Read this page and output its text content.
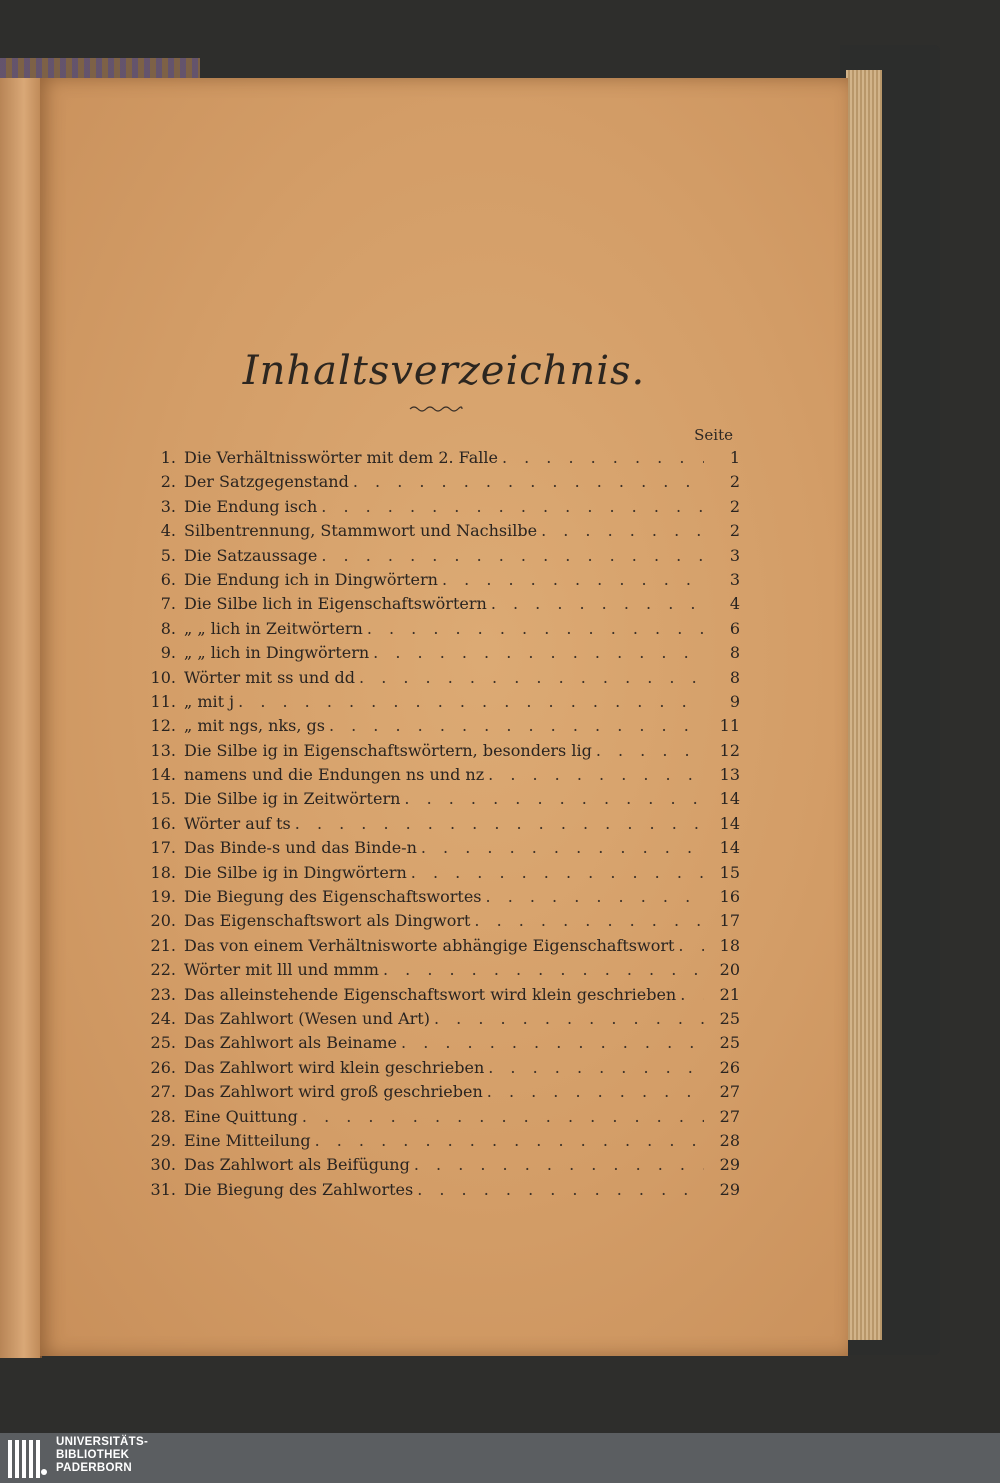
Inhaltsverzeichnis.
Seite
1. Die Verhältnisswörter mit dem 2. Falle . . .	1
2. Der Satzgegenstand . . .	2
3. Die Endung isch . . .	2
4. Silbentrennung, Stammwort und Nachsilbe . . .	2
5. Die Satzaussage . . .	3
6. Die Endung ich in Dingwörtern . . .	3
7. Die Silbe lich in Eigenschaftswörtern . . .	4
8. „ „ lich in Zeitwörtern . . .	6
9. „ „ lich in Dingwörtern . . .	8
10. Wörter mit ss und dd . . .	8
11. „ mit j . . .	9
12. „ mit ngs, nks, gs . . .	11
13. Die Silbe ig in Eigenschaftswörtern, besonders lig . . .	12
14. namens und die Endungen ns und nz . . .	13
15. Die Silbe ig in Zeitwörtern . . .	14
16. Wörter auf ts . . .	14
17. Das Binde-s und das Binde-n . . .	14
18. Die Silbe ig in Dingwörtern . . .	15
19. Die Biegung des Eigenschaftswortes . . .	16
20. Das Eigenschaftswort als Dingwort . . .	17
21. Das von einem Verhältnisworte abhängige Eigenschaftswort . . .	18
22. Wörter mit lll und mmm . . .	20
23. Das alleinstehende Eigenschaftswort wird klein geschrieben . . .	21
24. Das Zahlwort (Wesen und Art) . . .	25
25. Das Zahlwort als Beiname . . .	25
26. Das Zahlwort wird klein geschrieben . . .	26
27. Das Zahlwort wird groß geschrieben . . .	27
28. Eine Quittung . . .	27
29. Eine Mitteilung . . .	28
30. Das Zahlwort als Beifügung . . .	29
31. Die Biegung des Zahlwortes . . .	29
UNIVERSITÄTS-
BIBLIOTHEK
PADERBORN
